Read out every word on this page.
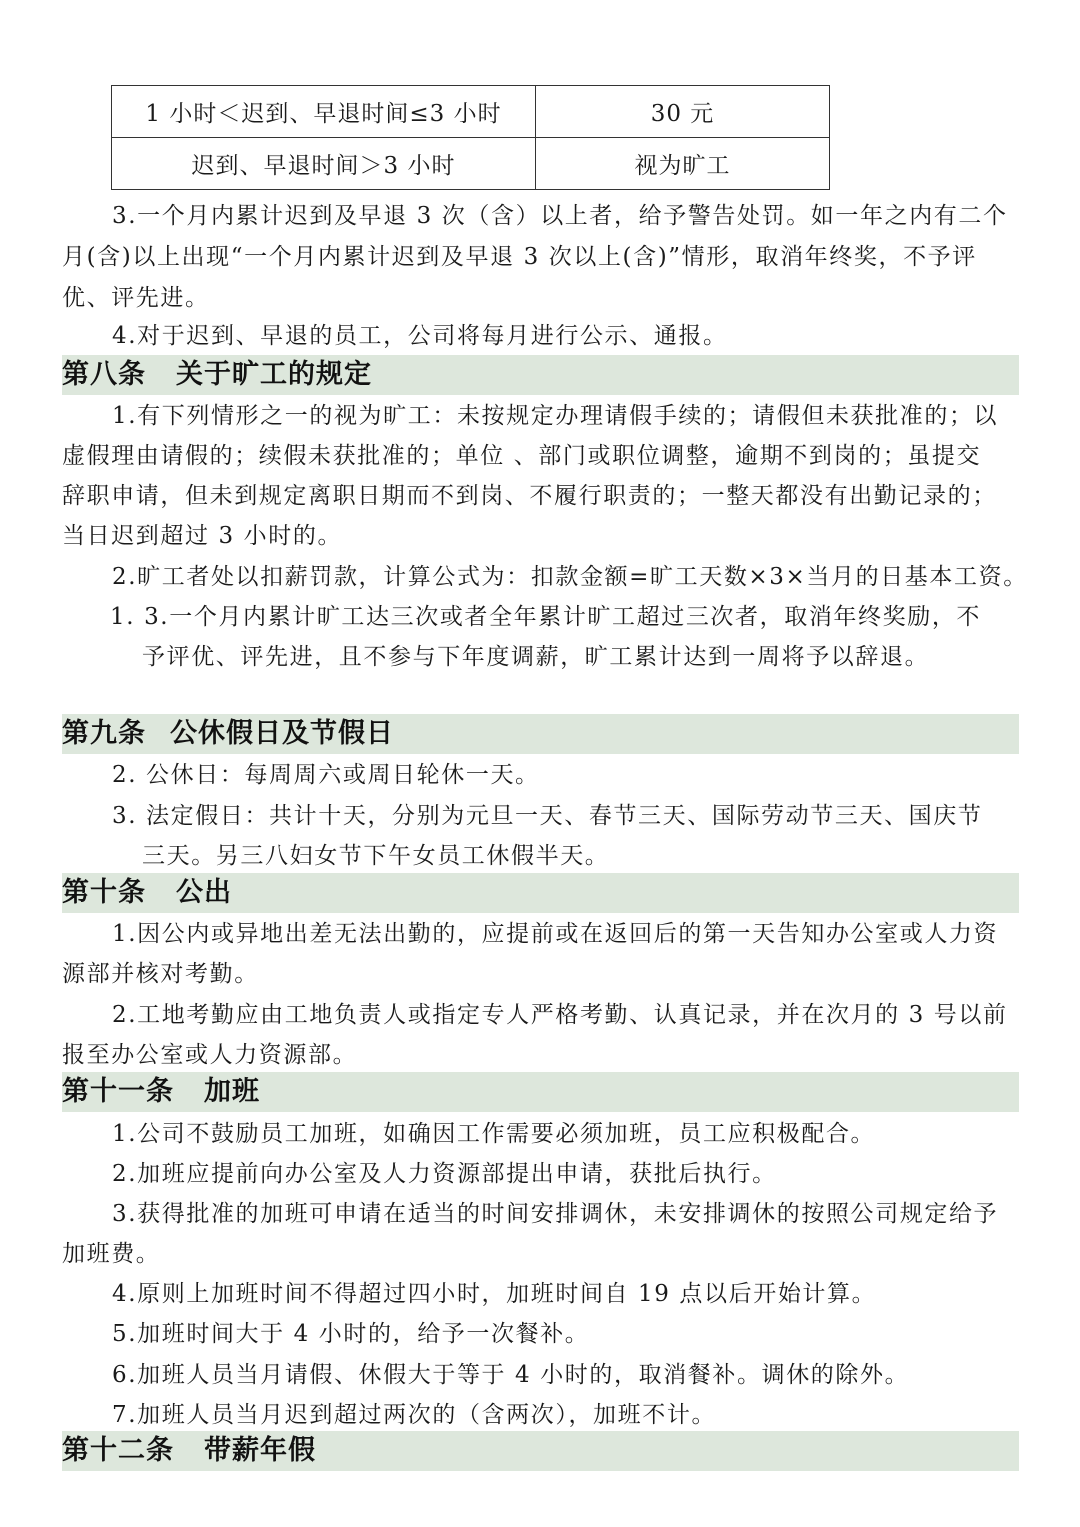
1 小时＜迟到、早退时间≤3 小时	30 元
迟到、早退时间＞3 小时	视为旷工
3.一个月内累计迟到及早退 3 次（含）以上者，给予警告处罚。如一年之内有二个
月(含)以上出现“一个月内累计迟到及早退 3 次以上(含)”情形，取消年终奖，不予评
优、评先进。
4.对于迟到、早退的员工，公司将每月进行公示、通报。
第八条 关于旷工的规定
1.有下列情形之一的视为旷工：未按规定办理请假手续的；请假但未获批准的；以
虚假理由请假的；续假未获批准的；单位 、部门或职位调整，逾期不到岗的；虽提交
辞职申请，但未到规定离职日期而不到岗、不履行职责的；一整天都没有出勤记录的；
当日迟到超过 3 小时的。
2.旷工者处以扣薪罚款，计算公式为：扣款金额=旷工天数×3×当月的日基本工资。
1. 3.一个月内累计旷工达三次或者全年累计旷工超过三次者，取消年终奖励，不
予评优、评先进，且不参与下年度调薪，旷工累计达到一周将予以辞退。
第九条 公休假日及节假日
2. 公休日：每周周六或周日轮休一天。
3. 法定假日：共计十天，分别为元旦一天、春节三天、国际劳动节三天、国庆节
三天。另三八妇女节下午女员工休假半天。
第十条 公出
1.因公内或异地出差无法出勤的，应提前或在返回后的第一天告知办公室或人力资
源部并核对考勤。
2.工地考勤应由工地负责人或指定专人严格考勤、认真记录，并在次月的 3 号以前
报至办公室或人力资源部。
第十一条 加班
1.公司不鼓励员工加班，如确因工作需要必须加班，员工应积极配合。
2.加班应提前向办公室及人力资源部提出申请，获批后执行。
3.获得批准的加班可申请在适当的时间安排调休，未安排调休的按照公司规定给予
加班费。
4.原则上加班时间不得超过四小时，加班时间自 19 点以后开始计算。
5.加班时间大于 4 小时的，给予一次餐补。
6.加班人员当月请假、休假大于等于 4 小时的，取消餐补。调休的除外。
7.加班人员当月迟到超过两次的（含两次），加班不计。
第十二条 带薪年假
